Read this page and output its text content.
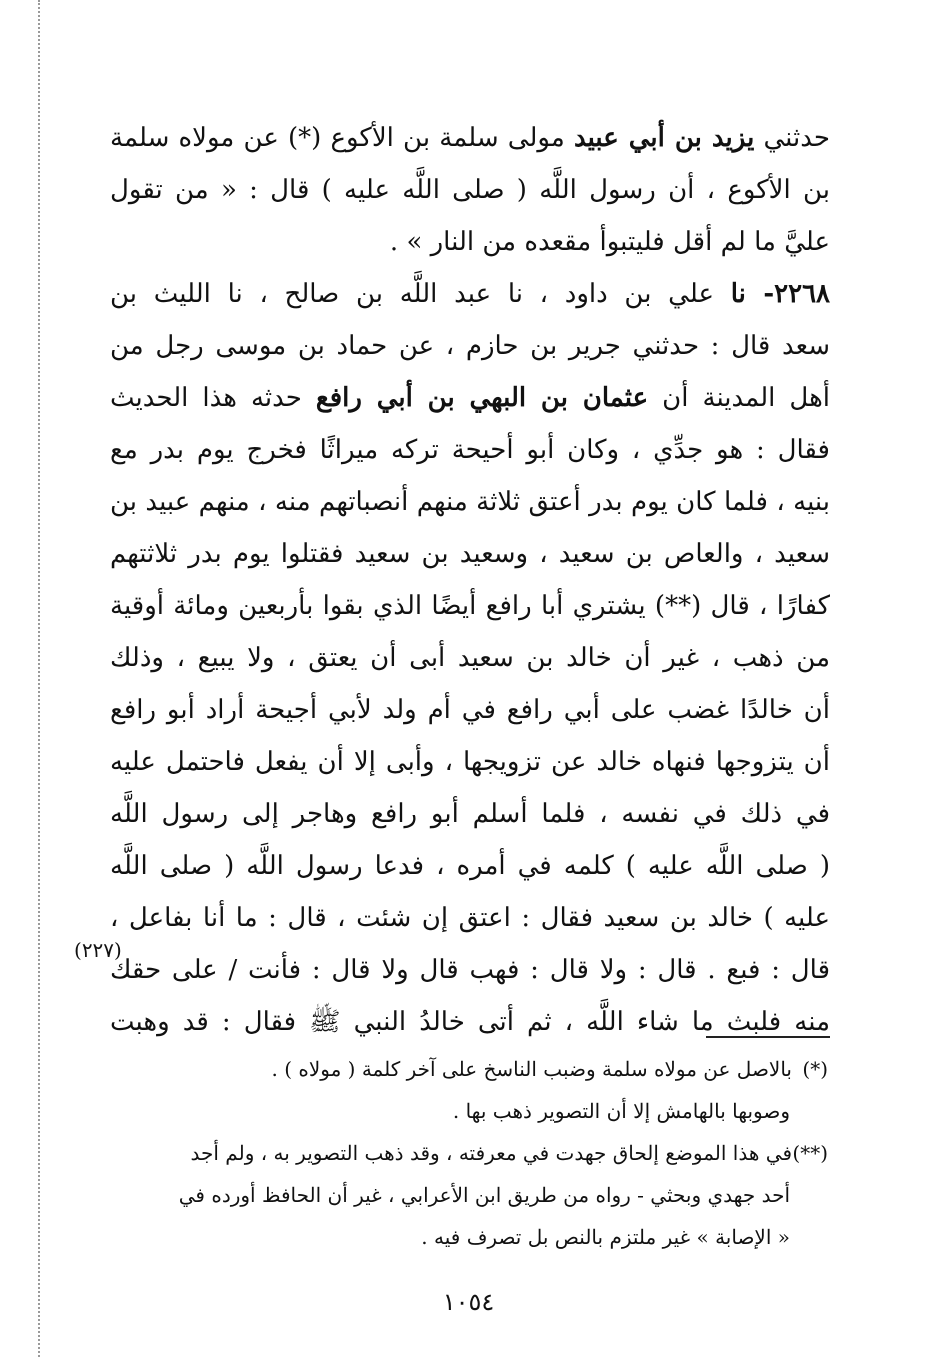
حدثني يزيد بن أبي عبيد مولى سلمة بن الأكوع (*) عن مولاه سلمة
بن الأكوع ، أن رسول اللَّه ( صلى اللَّه عليه ) قال : « من تقول
عليَّ ما لم أقل فليتبوأ مقعده من النار » .
٢٢٦٨- نا علي بن داود ، نا عبد اللَّه بن صالح ، نا الليث بن
سعد قال : حدثني جرير بن حازم ، عن حماد بن موسى رجل من
أهل المدينة أن عثمان بن البهي بن أبي رافع حدثه هذا الحديث
فقال : هو جدِّي ، وكان أبو أحيحة تركه ميراثًا فخرج يوم بدر مع
بنيه ، فلما كان يوم بدر أعتق ثلاثة منهم أنصباتهم منه ، منهم عبيد بن
سعيد ، والعاص بن سعيد ، وسعيد بن سعيد فقتلوا يوم بدر ثلاثتهم
كفارًا ، قال (**) يشتري أبا رافع أيضًا الذي بقوا بأربعين ومائة أوقية
من ذهب ، غير أن خالد بن سعيد أبى أن يعتق ، ولا يبيع ، وذلك
أن خالدًا غضب على أبي رافع في أم ولد لأبي أجيحة أراد أبو رافع
أن يتزوجها فنهاه خالد عن تزويجها ، وأبى إلا أن يفعل فاحتمل عليه
في ذلك في نفسه ، فلما أسلم أبو رافع وهاجر إلى رسول اللَّه
( صلى اللَّه عليه ) كلمه في أمره ، فدعا رسول اللَّه ( صلى اللَّه
عليه ) خالد بن سعيد فقال : اعتق إن شئت ، قال : ما أنا بفاعل ،
قال : فبع . قال : ولا قال : فهب قال ولا قال : فأنت / على حقك
منه فلبث ما شاء اللَّه ، ثم أتى خالدُ النبي ﷺ فقال : قد وهبت
(٢٢٧)
(*)بالاصل عن مولاه سلمة وضبب الناسخ على آخر كلمة ( مولاه ) .
وصوبها بالهامش إلا أن التصوير ذهب بها .
(**)في هذا الموضع إلحاق جهدت في معرفته ، وقد ذهب التصوير به ، ولم أجد
أحد جهدي وبحثي - رواه من طريق ابن الأعرابي ، غير أن الحافظ أورده في
« الإصابة » غير ملتزم بالنص بل تصرف فيه .
١٠٥٤
